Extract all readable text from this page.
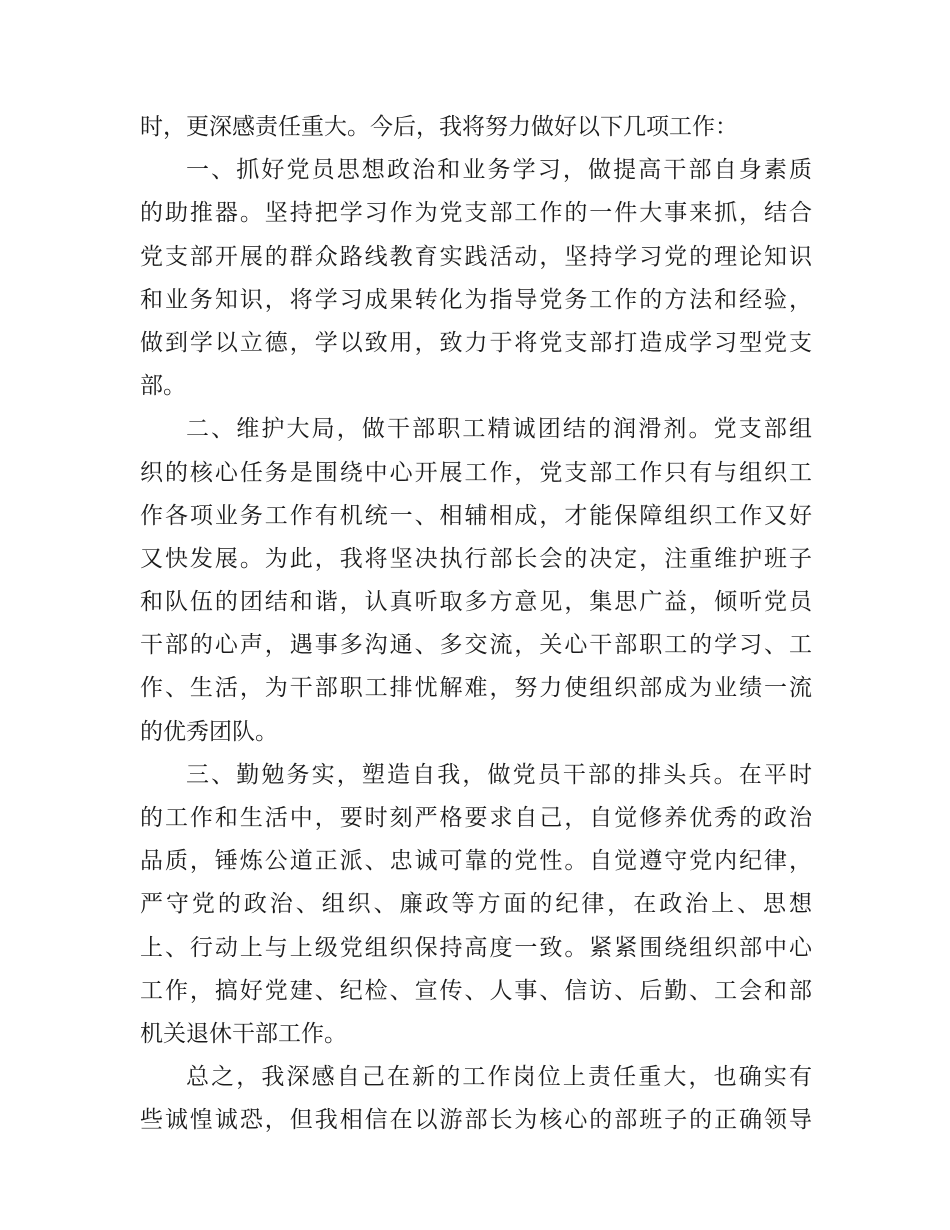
时，更深感责任重大。今后，我将努力做好以下几项工作：
一、抓好党员思想政治和业务学习，做提高干部自身素质
的助推器。坚持把学习作为党支部工作的一件大事来抓，结合
党支部开展的群众路线教育实践活动，坚持学习党的理论知识
和业务知识，将学习成果转化为指导党务工作的方法和经验，
做到学以立德，学以致用，致力于将党支部打造成学习型党支
部。
二、维护大局，做干部职工精诚团结的润滑剂。党支部组
织的核心任务是围绕中心开展工作，党支部工作只有与组织工
作各项业务工作有机统一、相辅相成，才能保障组织工作又好
又快发展。为此，我将坚决执行部长会的决定，注重维护班子
和队伍的团结和谐，认真听取多方意见，集思广益，倾听党员
干部的心声，遇事多沟通、多交流，关心干部职工的学习、工
作、生活，为干部职工排忧解难，努力使组织部成为业绩一流
的优秀团队。
三、勤勉务实，塑造自我，做党员干部的排头兵。在平时
的工作和生活中，要时刻严格要求自己，自觉修养优秀的政治
品质，锤炼公道正派、忠诚可靠的党性。自觉遵守党内纪律，
严守党的政治、组织、廉政等方面的纪律，在政治上、思想
上、行动上与上级党组织保持高度一致。紧紧围绕组织部中心
工作，搞好党建、纪检、宣传、人事、信访、后勤、工会和部
机关退休干部工作。
总之，我深感自己在新的工作岗位上责任重大，也确实有
些诚惶诚恐，但我相信在以游部长为核心的部班子的正确领导
